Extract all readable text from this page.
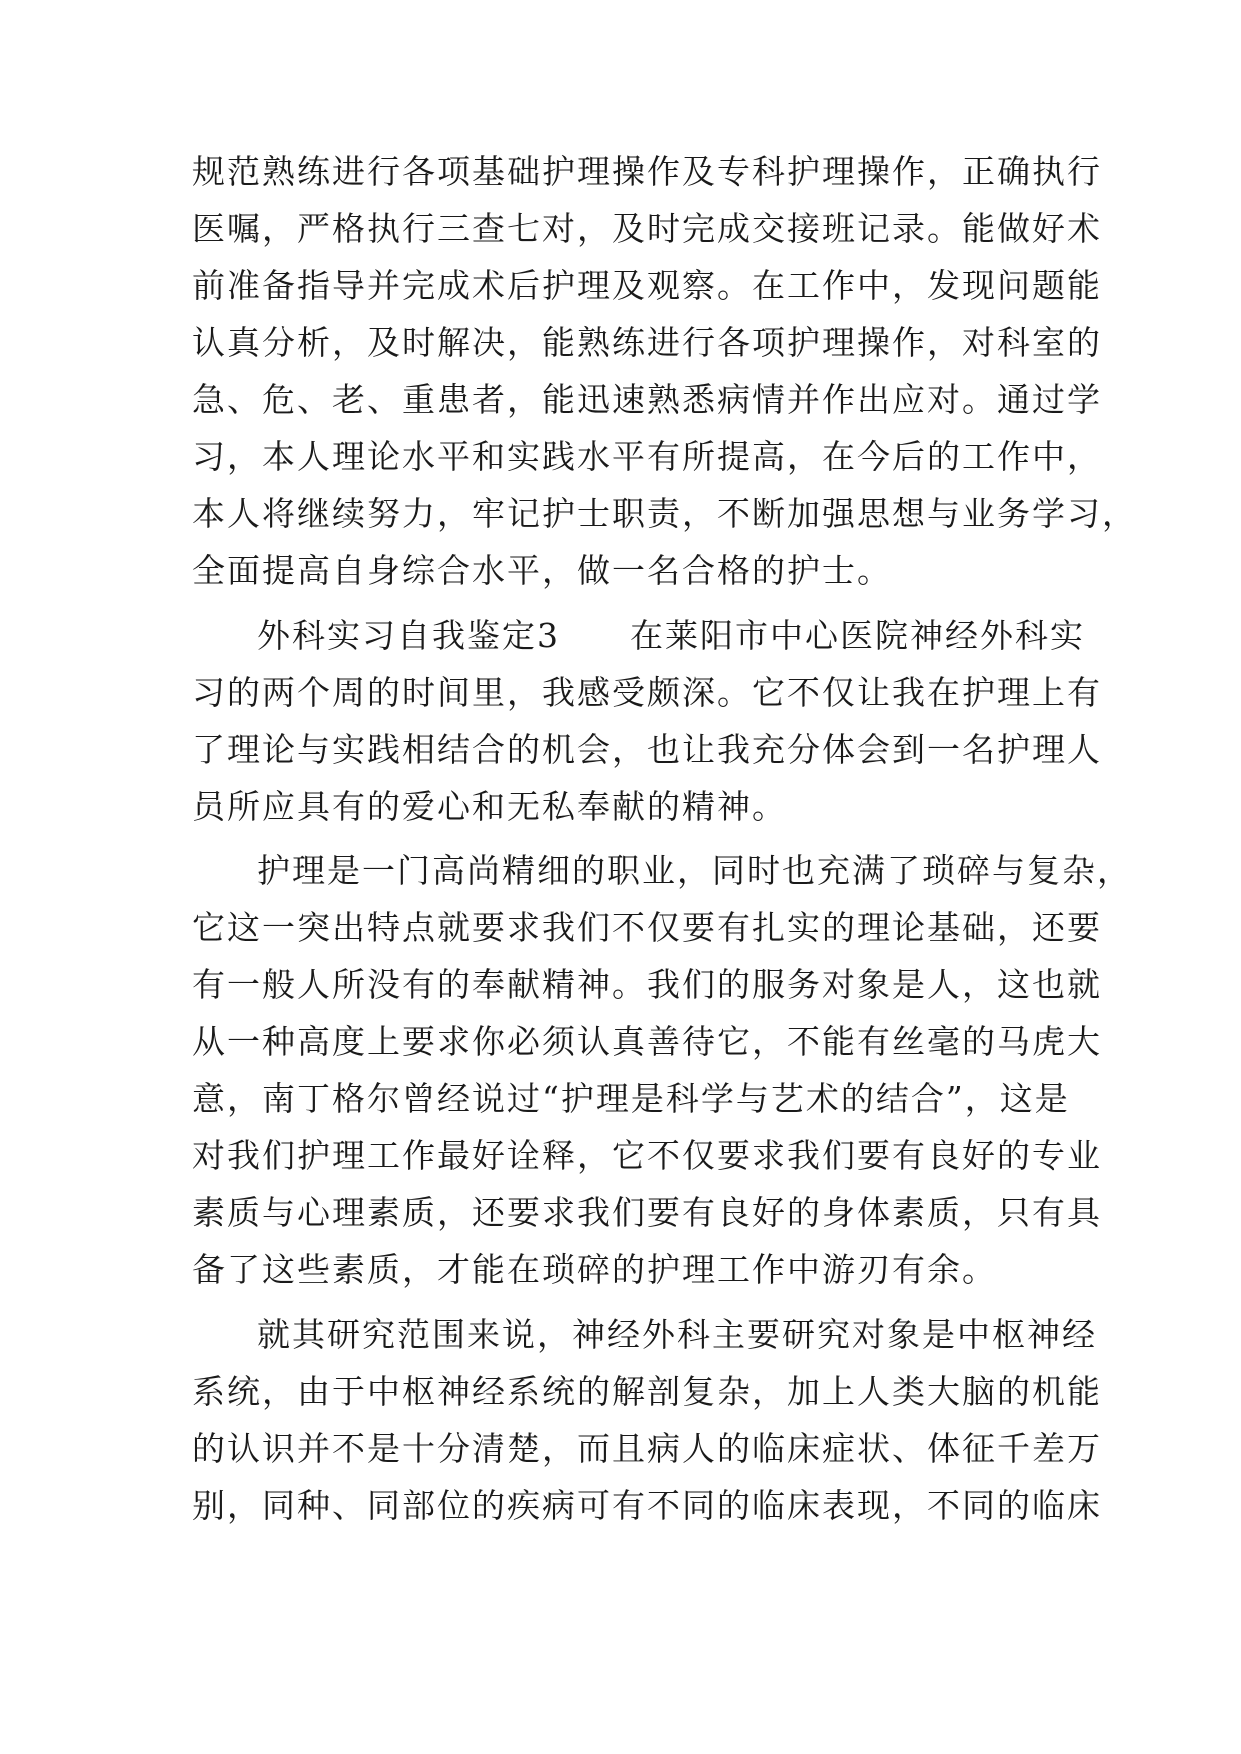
规范熟练进行各项基础护理操作及专科护理操作，正确执行
医嘱，严格执行三查七对，及时完成交接班记录。能做好术
前准备指导并完成术后护理及观察。在工作中，发现问题能
认真分析，及时解决，能熟练进行各项护理操作，对科室的
急、危、老、重患者，能迅速熟悉病情并作出应对。通过学
习，本人理论水平和实践水平有所提高，在今后的工作中，
本人将继续努力，牢记护士职责，不断加强思想与业务学习，
全面提高自身综合水平，做一名合格的护士。
外科实习自我鉴定3　　在莱阳市中心医院神经外科实
习的两个周的时间里，我感受颇深。它不仅让我在护理上有
了理论与实践相结合的机会，也让我充分体会到一名护理人
员所应具有的爱心和无私奉献的精神。
护理是一门高尚精细的职业，同时也充满了琐碎与复杂，
它这一突出特点就要求我们不仅要有扎实的理论基础，还要
有一般人所没有的奉献精神。我们的服务对象是人，这也就
从一种高度上要求你必须认真善待它，不能有丝毫的马虎大
意，南丁格尔曾经说过“护理是科学与艺术的结合”，这是
对我们护理工作最好诠释，它不仅要求我们要有良好的专业
素质与心理素质，还要求我们要有良好的身体素质，只有具
备了这些素质，才能在琐碎的护理工作中游刃有余。
就其研究范围来说，神经外科主要研究对象是中枢神经
系统，由于中枢神经系统的解剖复杂，加上人类大脑的机能
的认识并不是十分清楚，而且病人的临床症状、体征千差万
别，同种、同部位的疾病可有不同的临床表现，不同的临床
